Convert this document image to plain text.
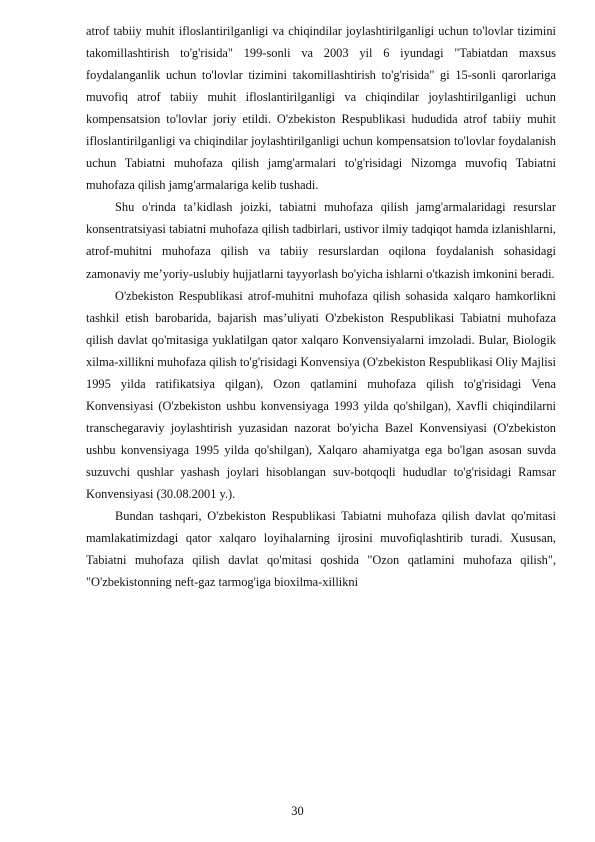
atrof tabiiy muhit ifloslantirilganligi va chiqindilar joylashtirilganligi uchun to'lovlar tizimini takomillashtirish to'g'risida" 199-sonli va 2003 yil 6 iyundagi "Tabiatdan maxsus foydalanganlik uchun to'lovlar tizimini takomillashtirish to'g'risida" gi 15-sonli qarorlariga muvofiq atrof tabiiy muhit ifloslantirilganligi va chiqindilar joylashtirilganligi uchun kompensatsion to'lovlar joriy etildi. O'zbekiston Respublikasi hududida atrof tabiiy muhit ifloslantirilganligi va chiqindilar joylashtirilganligi uchun kompensatsion to'lovlar foydalanish uchun Tabiatni muhofaza qilish jamg'armalari to'g'risidagi Nizomga muvofiq Tabiatni muhofaza qilish jamg'armalariga kelib tushadi.

Shu o'rinda ta’kidlash joizki, tabiatni muhofaza qilish jamg'armalaridagi resurslar konsentratsiyasi tabiatni muhofaza qilish tadbirlari, ustivor ilmiy tadqiqot hamda izlanishlarni, atrof-muhitni muhofaza qilish va tabiiy resurslardan oqilona foydalanish sohasidagi zamonaviy me’yoriy-uslubiy hujjatlarni tayyorlash bo'yicha ishlarni o'tkazish imkonini beradi.

O'zbekiston Respublikasi atrof-muhitni muhofaza qilish sohasida xalqaro hamkorlikni tashkil etish barobarida, bajarish mas’uliyati O'zbekiston Respublikasi Tabiatni muhofaza qilish davlat qo'mitasiga yuklatilgan qator xalqaro Konvensiyalarni imzoladi. Bular, Biologik xilma-xillikni muhofaza qilish to'g'risidagi Konvensiya (O'zbekiston Respublikasi Oliy Majlisi 1995 yilda ratifikatsiya qilgan), Ozon qatlamini muhofaza qilish to'g'risidagi Vena Konvensiyasi (O'zbekiston ushbu konvensiyaga 1993 yilda qo'shilgan), Xavfli chiqindilarni transchegaraviy joylashtirish yuzasidan nazorat bo'yicha Bazel Konvensiyasi (O'zbekiston ushbu konvensiyaga 1995 yilda qo'shilgan), Xalqaro ahamiyatga ega bo'lgan asosan suvda suzuvchi qushlar yashash joylari hisoblangan suv-botqoqli hududlar to'g'risidagi Ramsar Konvensiyasi (30.08.2001 y.).

Bundan tashqari, O'zbekiston Respublikasi Tabiatni muhofaza qilish davlat qo'mitasi mamlakatimizdagi qator xalqaro loyihalarning ijrosini muvofiqlashtirib turadi. Xususan, Tabiatni muhofaza qilish davlat qo'mitasi qoshida "Ozon qatlamini muhofaza qilish", "O'zbekistonning neft-gaz tarmog'iga bioxilma-xillikni

30
